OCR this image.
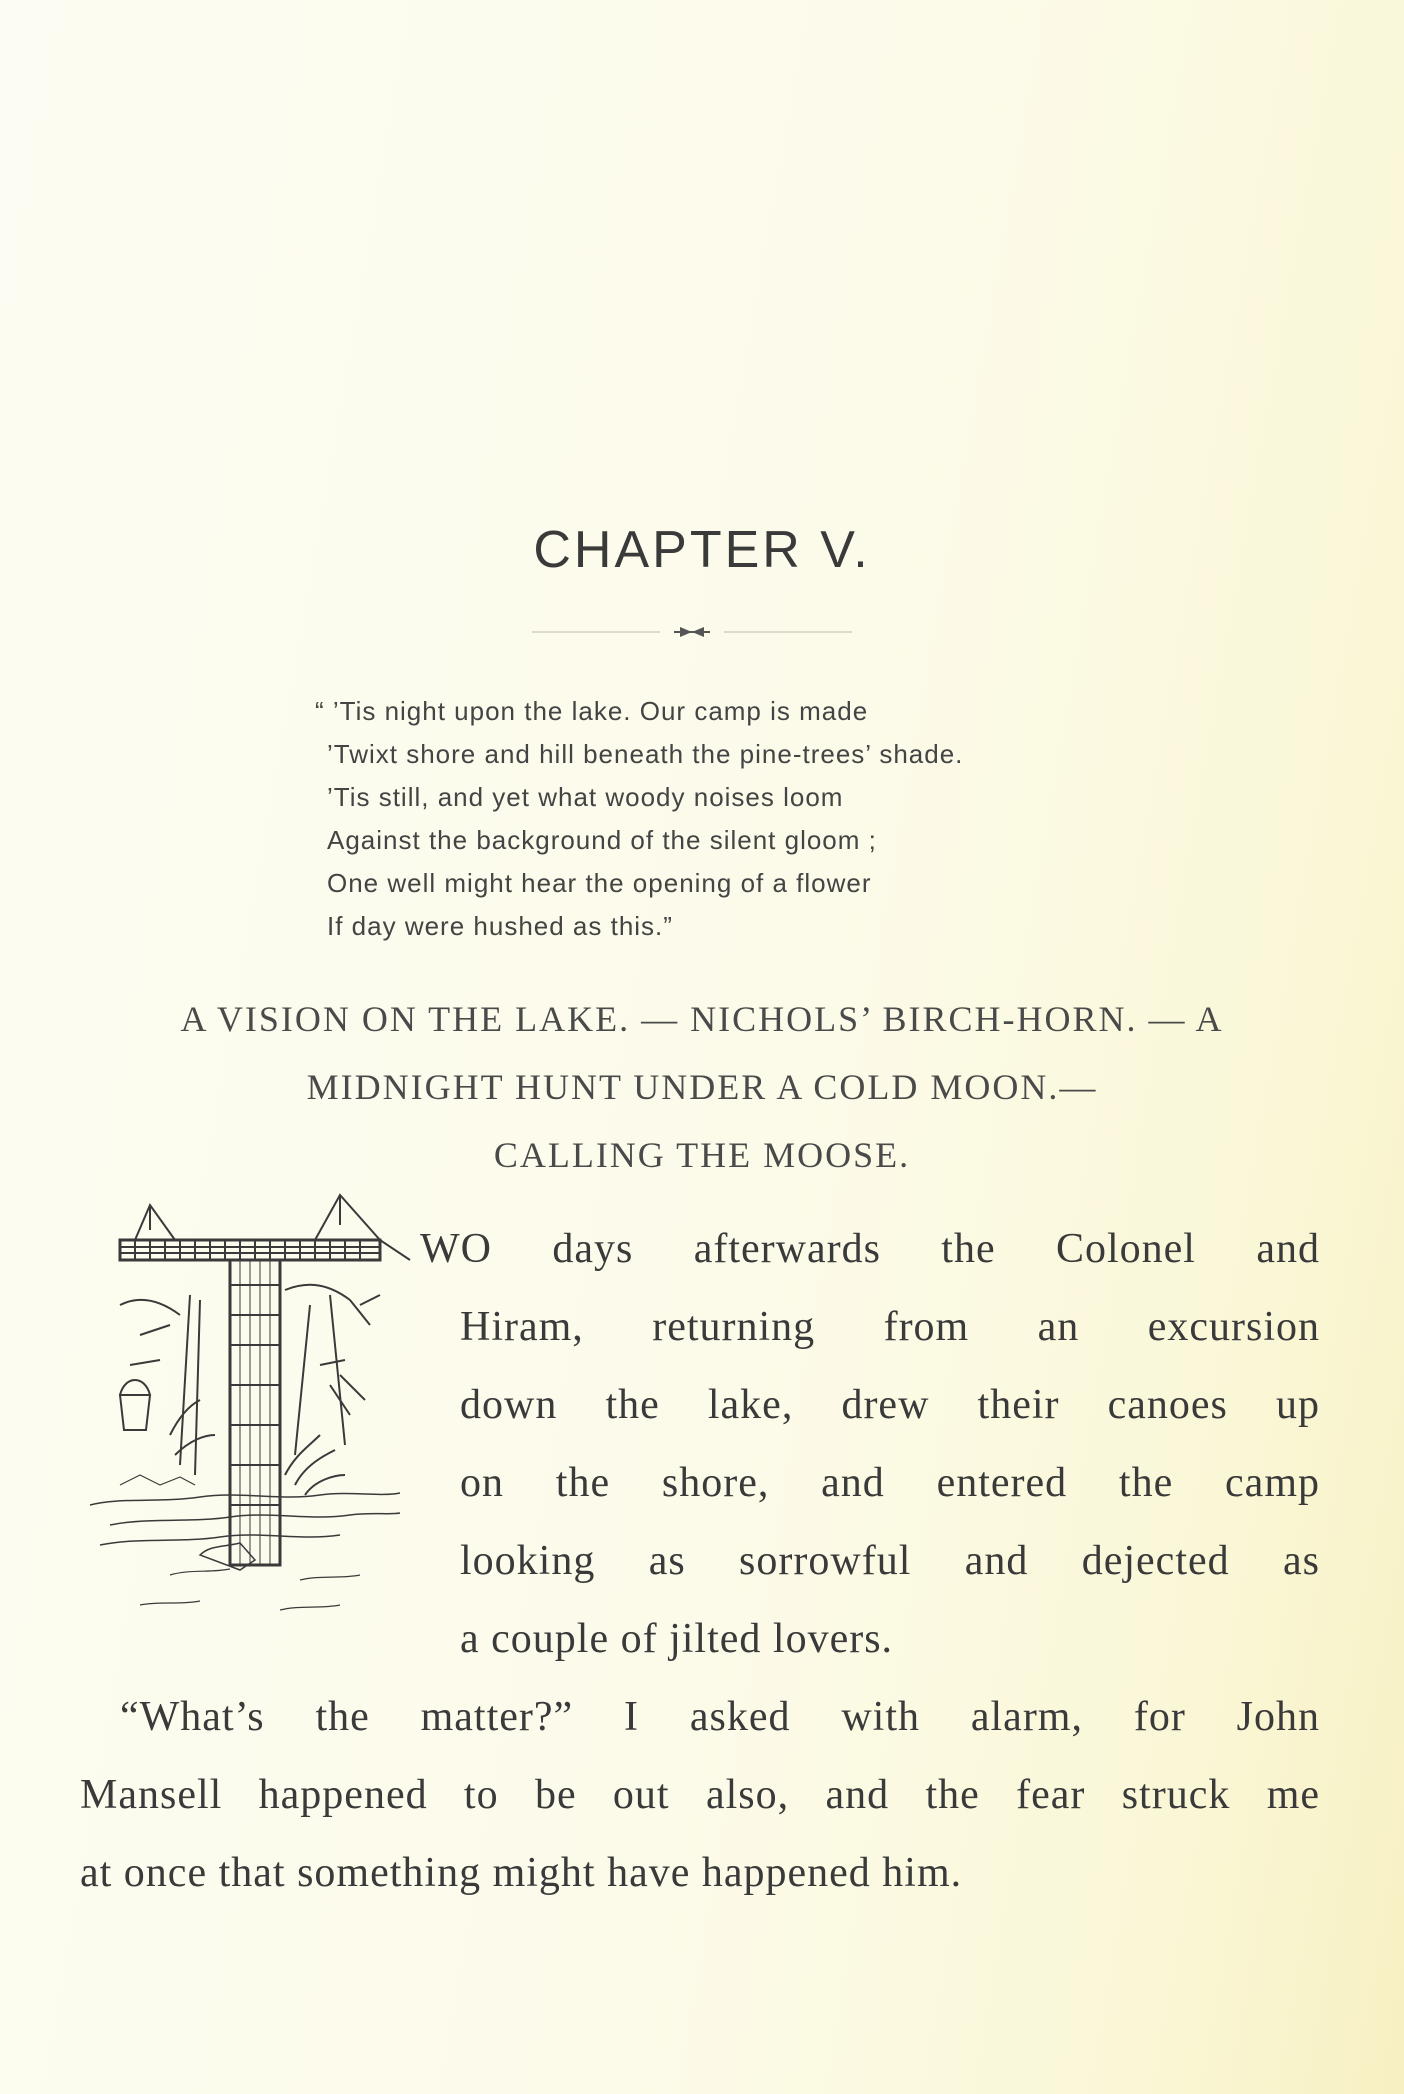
CHAPTER V.
“ ’Tis night upon the lake. Our camp is made
’Twixt shore and hill beneath the pine-trees’ shade.
’Tis still, and yet what woody noises loom
Against the background of the silent gloom ;
One well might hear the opening of a flower
If day were hushed as this.”
A VISION ON THE LAKE. — NICHOLS’ BIRCH-HORN. — A
MIDNIGHT HUNT UNDER A COLD MOON.—
CALLING THE MOOSE.
WO days afterwards the Colonel and
Hiram, returning from an excursion
down the lake, drew their canoes up
on the shore, and entered the camp
looking as sorrowful and dejected as
a couple of jilted lovers.
“What’s the matter?” I asked with alarm, for John
Mansell happened to be out also, and the fear struck me
at once that something might have happened him.
